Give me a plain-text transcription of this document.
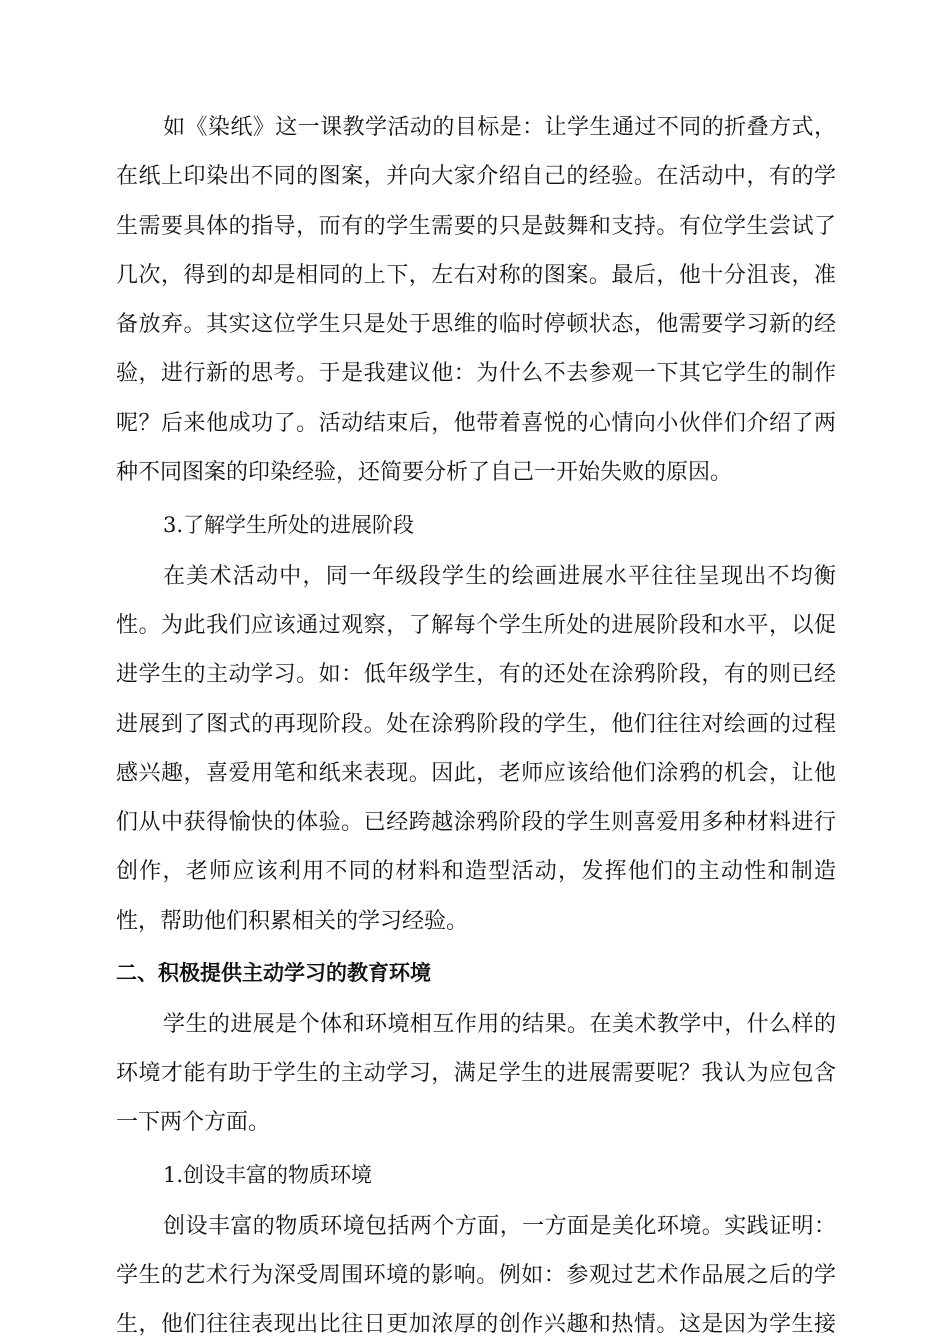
如《染纸》这一课教学活动的目标是：让学生通过不同的折叠方式，
在纸上印染出不同的图案，并向大家介绍自己的经验。在活动中，有的学
生需要具体的指导，而有的学生需要的只是鼓舞和支持。有位学生尝试了
几次，得到的却是相同的上下，左右对称的图案。最后，他十分沮丧，准
备放弃。其实这位学生只是处于思维的临时停顿状态，他需要学习新的经
验，进行新的思考。于是我建议他：为什么不去参观一下其它学生的制作
呢？后来他成功了。活动结束后，他带着喜悦的心情向小伙伴们介绍了两
种不同图案的印染经验，还简要分析了自己一开始失败的原因。
3.了解学生所处的进展阶段
在美术活动中，同一年级段学生的绘画进展水平往往呈现出不均衡
性。为此我们应该通过观察，了解每个学生所处的进展阶段和水平，以促
进学生的主动学习。如：低年级学生，有的还处在涂鸦阶段，有的则已经
进展到了图式的再现阶段。处在涂鸦阶段的学生，他们往往对绘画的过程
感兴趣，喜爱用笔和纸来表现。因此，老师应该给他们涂鸦的机会，让他
们从中获得愉快的体验。已经跨越涂鸦阶段的学生则喜爱用多种材料进行
创作，老师应该利用不同的材料和造型活动，发挥他们的主动性和制造
性，帮助他们积累相关的学习经验。
二、积极提供主动学习的教育环境
学生的进展是个体和环境相互作用的结果。在美术教学中，什么样的
环境才能有助于学生的主动学习，满足学生的进展需要呢？我认为应包含
一下两个方面。
1.创设丰富的物质环境
创设丰富的物质环境包括两个方面，一方面是美化环境。实践证明：
学生的艺术行为深受周围环境的影响。例如：参观过艺术作品展之后的学
生，他们往往表现出比往日更加浓厚的创作兴趣和热情。这是因为学生接
